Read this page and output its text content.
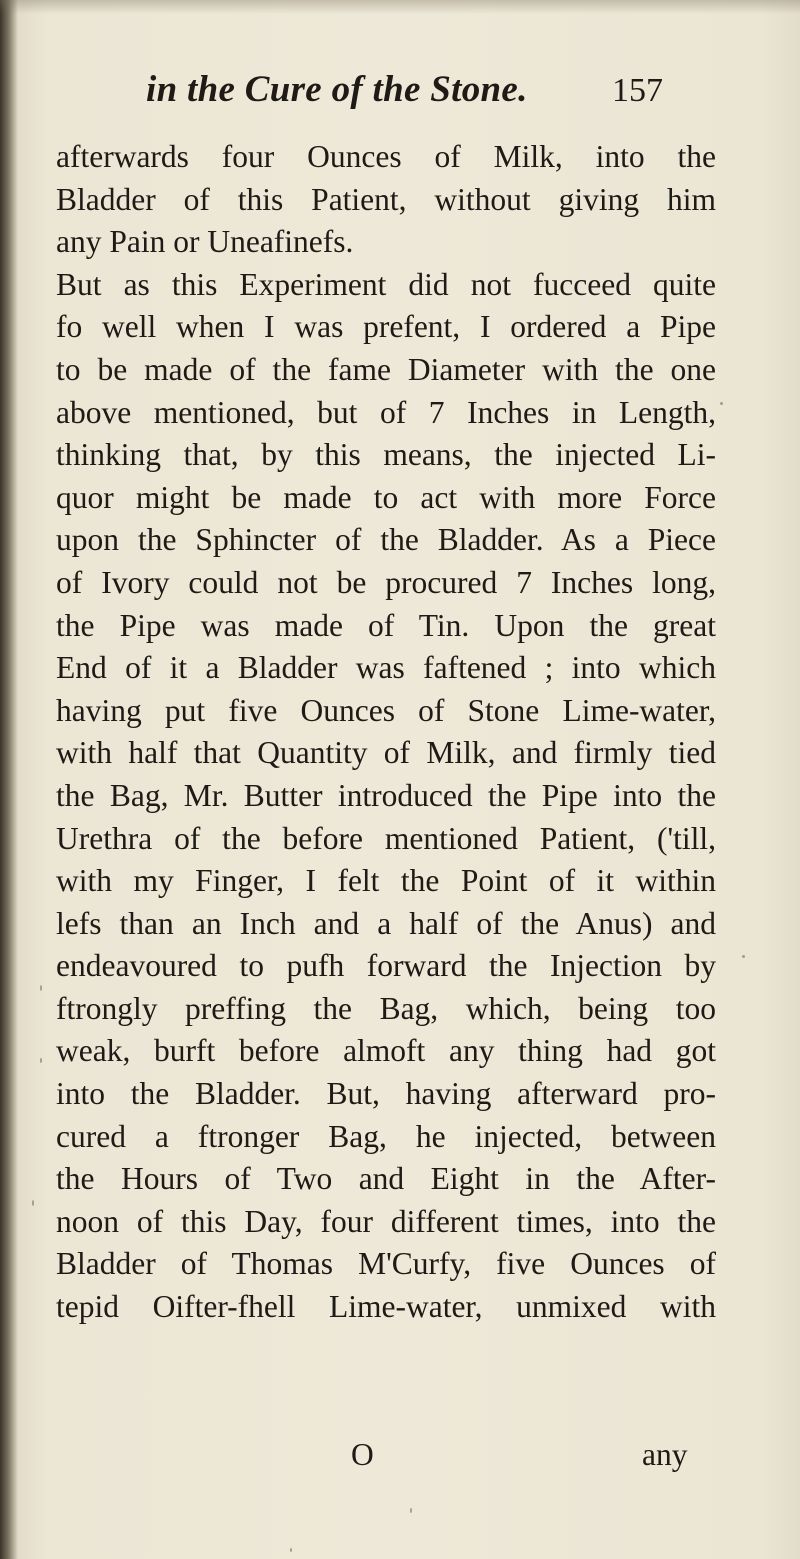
in the Cure of the Stone. 157
afterwards four Ounces of Milk, into the
Bladder of this Patient, without giving him
any Pain or Uneafinefs.
But as this Experiment did not fucceed quite
fo well when I was prefent, I ordered a Pipe
to be made of the fame Diameter with the one
above mentioned, but of 7 Inches in Length,
thinking that, by this means, the injected Li-
quor might be made to act with more Force
upon the Sphincter of the Bladder. As a Piece
of Ivory could not be procured 7 Inches long,
the Pipe was made of Tin. Upon the great
End of it a Bladder was faftened ; into which
having put five Ounces of Stone Lime-water,
with half that Quantity of Milk, and firmly tied
the Bag, Mr. Butter introduced the Pipe into the
Urethra of the before mentioned Patient, ('till,
with my Finger, I felt the Point of it within
lefs than an Inch and a half of the Anus) and
endeavoured to pufh forward the Injection by
ftrongly preffing the Bag, which, being too
weak, burft before almoft any thing had got
into the Bladder. But, having afterward pro-
cured a ftronger Bag, he injected, between
the Hours of Two and Eight in the After-
noon of this Day, four different times, into the
Bladder of Thomas M'Curfy, five Ounces of
tepid Oifter-fhell Lime-water, unmixed with
O	any
